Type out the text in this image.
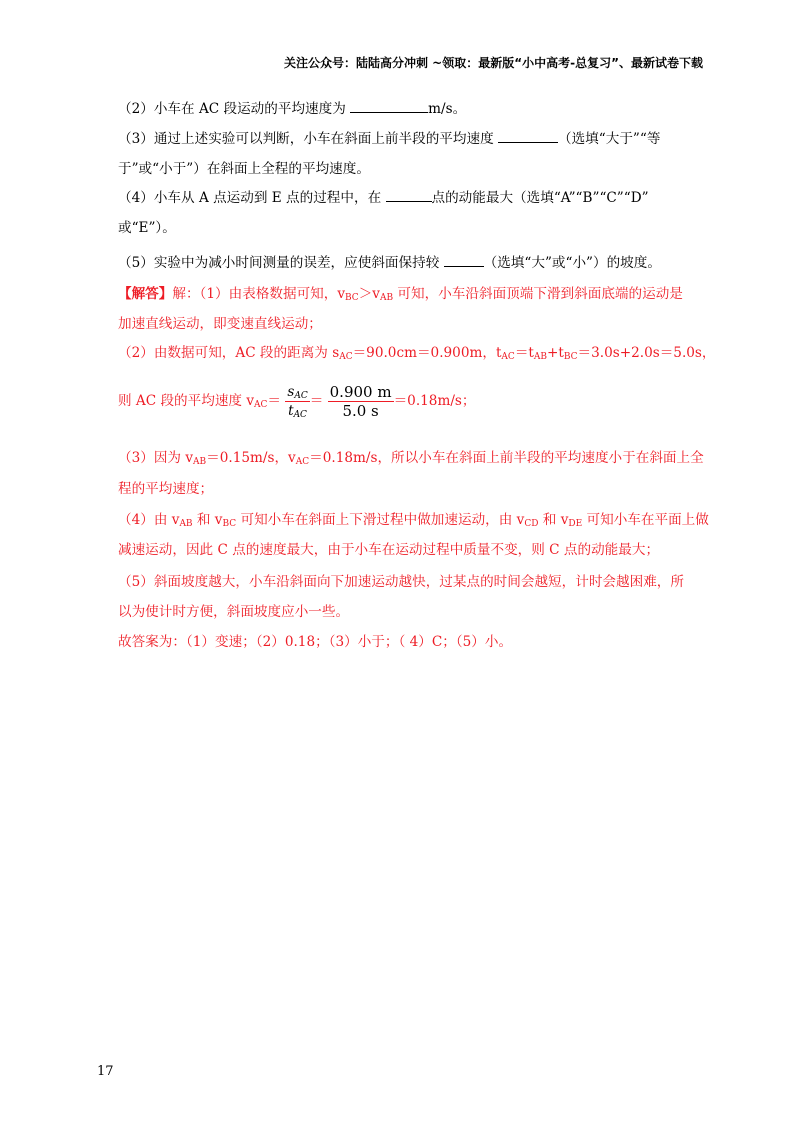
关注公众号：陆陆高分冲刺 ~领取：最新版“小中高考-总复习”、最新试卷下载
（2）小车在 AC 段运动的平均速度为	m/s。
（3）通过上述实验可以判断，小车在斜面上前半段的平均速度	（选填“大于”“等
于”或“小于”）在斜面上全程的平均速度。
（4）小车从 A 点运动到 E 点的过程中，在	点的动能最大（选填“A”“B”“C”“D”
或“E”）。
（5）实验中为减小时间测量的误差，应使斜面保持较	（选填“大”或“小”）的坡度。
【解答】解：（1）由表格数据可知，$v_{BC}>v_{AB}$ 可知，小车沿斜面顶端下滑到斜面底端的运动是
加速直线运动，即变速直线运动；
（2）由数据可知，AC 段的距离为 $s_{AC}=90.0cm=0.900m$，$t_{AC}=t_{AB}+t_{BC}=3.0s+2.0s=5.0s$，
则 AC 段的平均速度 $v_{AC}= \frac{s_{AC}}{t_{AC}} = \frac{0.900 m}{5.0 s} =0.18m/s$；
（3）因为 $v_{AB}=0.15m/s$，$v_{AC}=0.18m/s$，所以小车在斜面上前半段的平均速度小于在斜面上全
程的平均速度；
（4）由 $v_{AB}$ 和 $v_{BC}$ 可知小车在斜面上下滑过程中做加速运动，由 $v_{CD}$ 和 $v_{DE}$ 可知小车在平面上做
减速运动，因此 C 点的速度最大，由于小车在运动过程中质量不变，则 C 点的动能最大；
（5）斜面坡度越大，小车沿斜面向下加速运动越快，过某点的时间会越短，计时会越困难，所
以为使计时方便，斜面坡度应小一些。
故答案为：（1）变速；（2）0.18；（3）小于；（ 4）C；（5）小。
17
